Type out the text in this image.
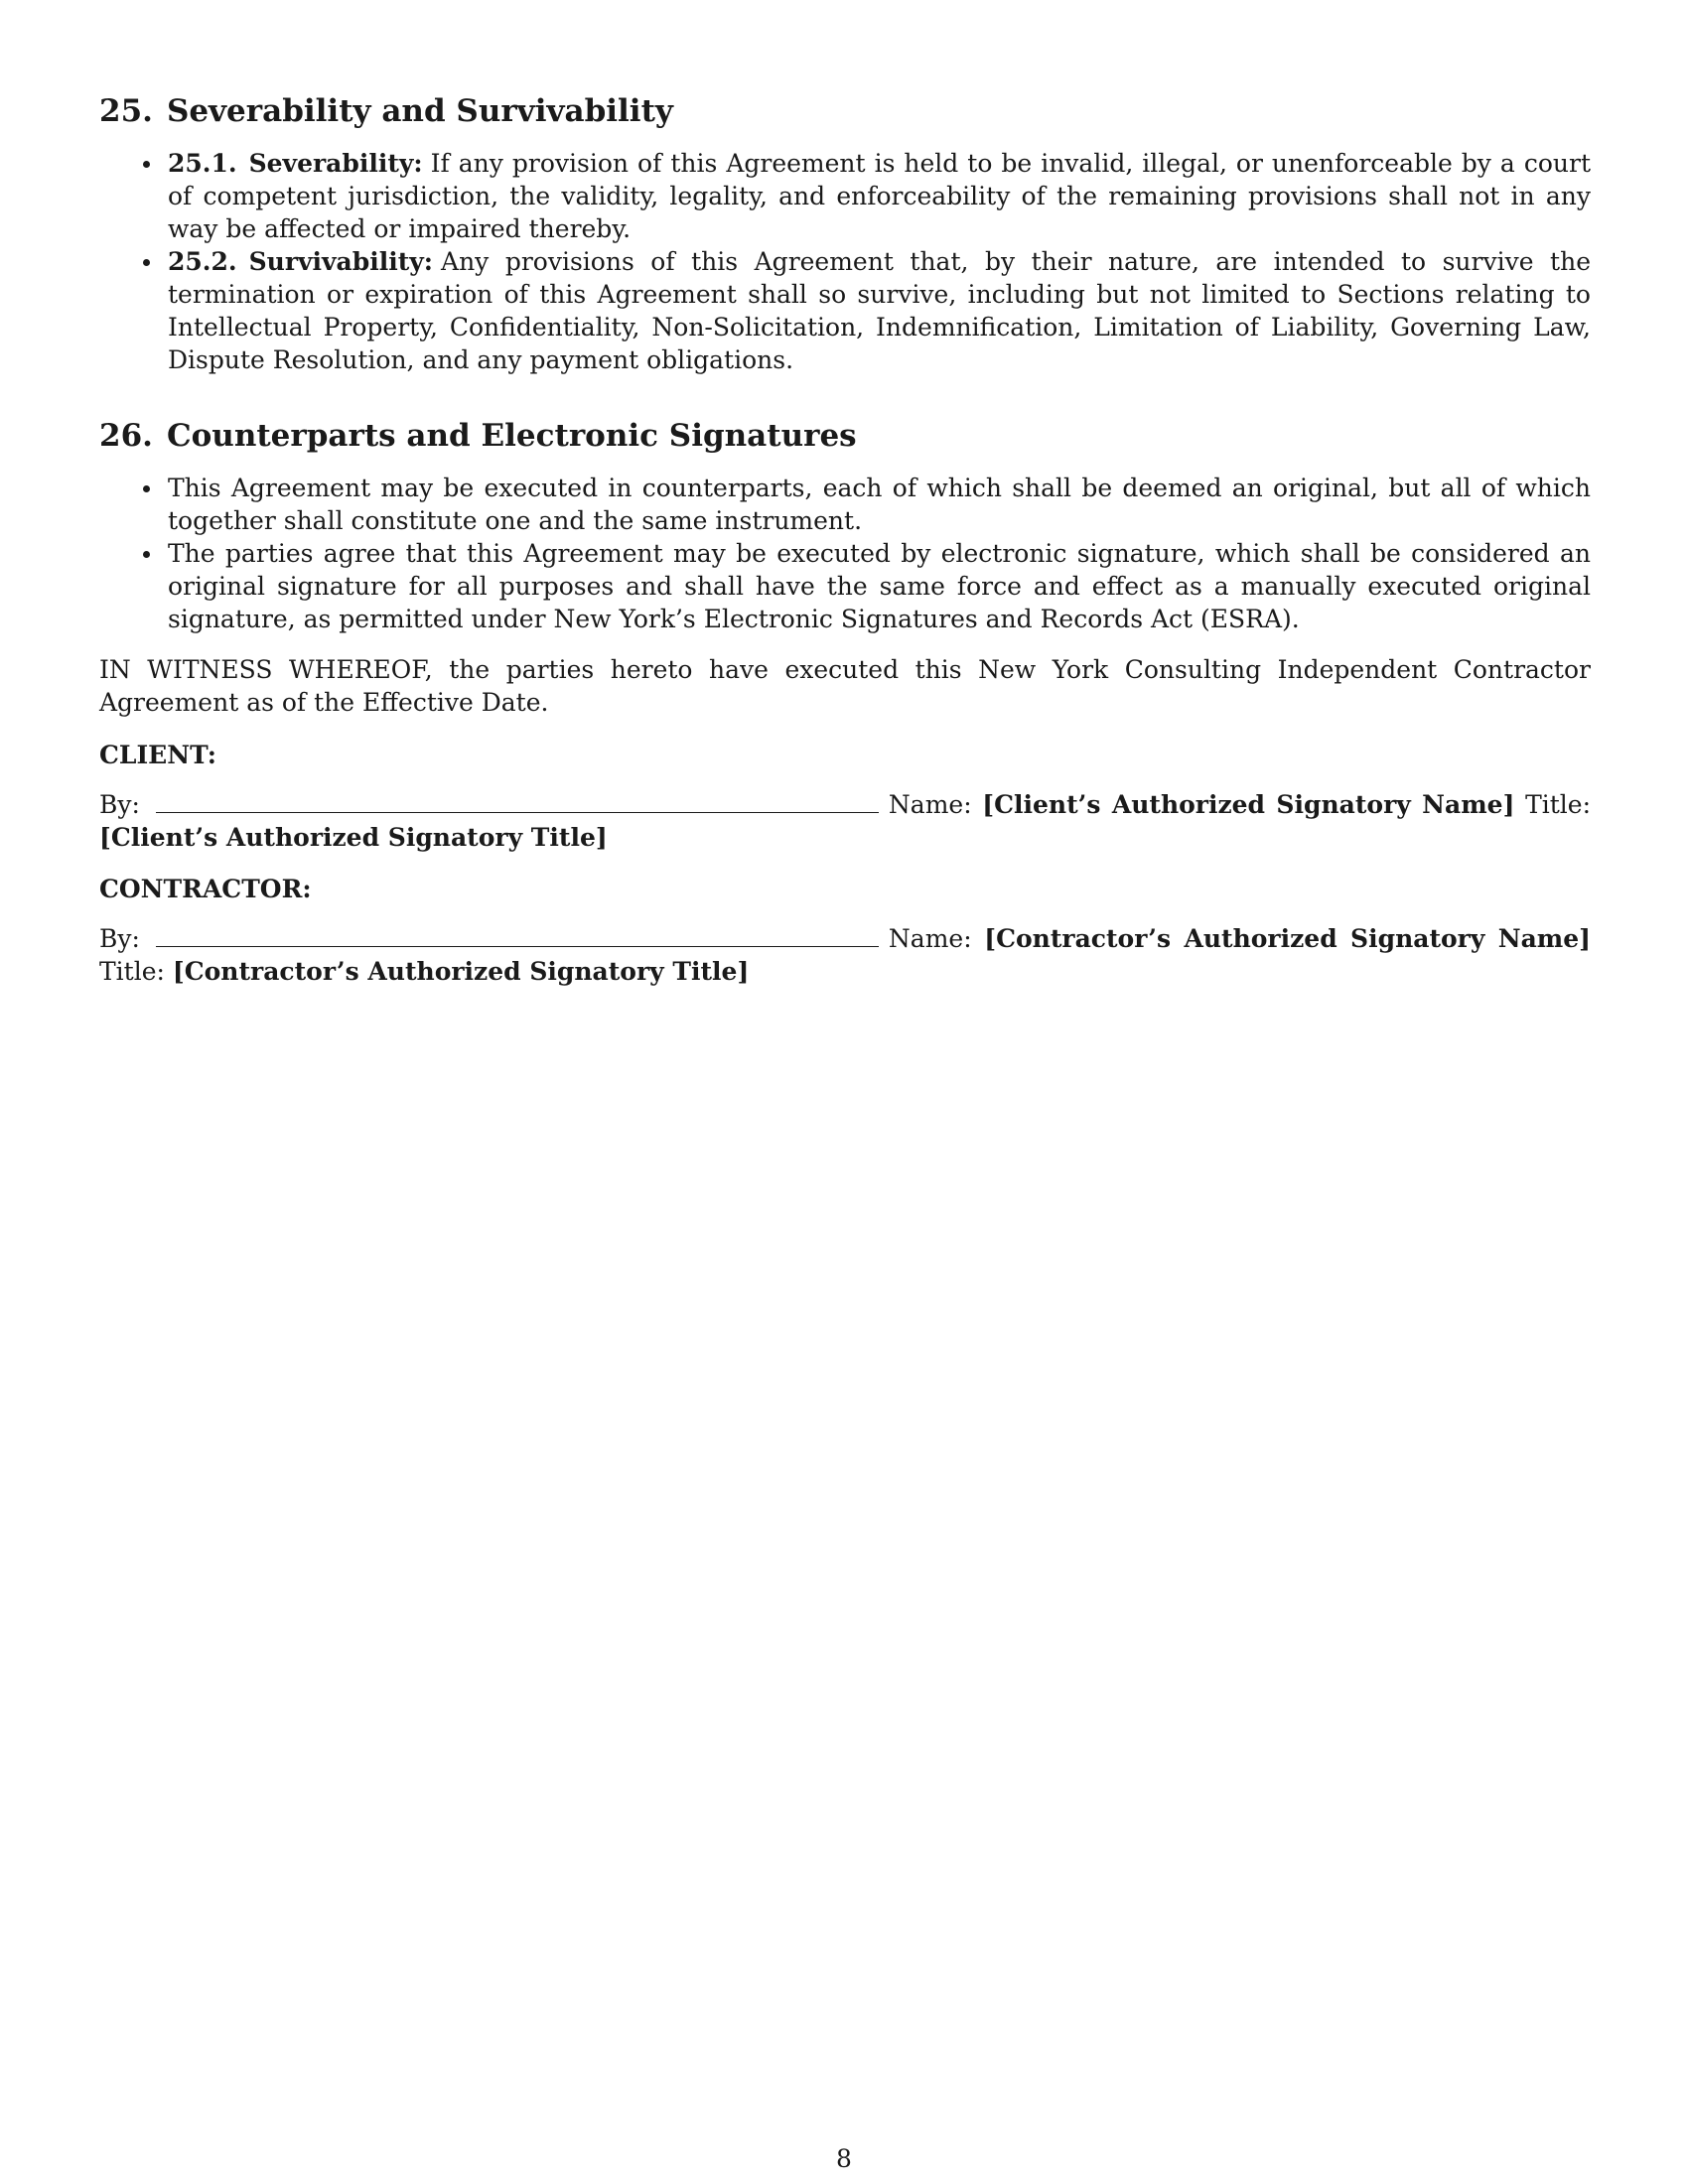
25. Severability and Survivability
25.1. Severability: If any provision of this Agreement is held to be invalid, illegal, or unenforceable by a court of competent jurisdiction, the validity, legality, and enforceability of the remaining provisions shall not in any way be affected or impaired thereby.
25.2. Survivability: Any provisions of this Agreement that, by their nature, are intended to survive the termination or expiration of this Agreement shall so survive, including but not limited to Sections relating to Intellectual Property, Confidentiality, Non-Solicitation, Indemnification, Limitation of Liability, Governing Law, Dispute Resolution, and any payment obligations.
26. Counterparts and Electronic Signatures
This Agreement may be executed in counterparts, each of which shall be deemed an original, but all of which together shall constitute one and the same instrument.
The parties agree that this Agreement may be executed by electronic signature, which shall be considered an original signature for all purposes and shall have the same force and effect as a manually executed original signature, as permitted under New York’s Electronic Signatures and Records Act (ESRA).

IN WITNESS WHEREOF, the parties hereto have executed this New York Consulting Independent Contractor Agreement as of the Effective Date.

CLIENT:
By:	Name: [Client’s Authorized Signatory Name] Title: [Client’s Authorized Signatory Title]
CONTRACTOR:
By:	Name: [Contractor’s Authorized Signatory Name] Title: [Contractor’s Authorized Signatory Title]
8
